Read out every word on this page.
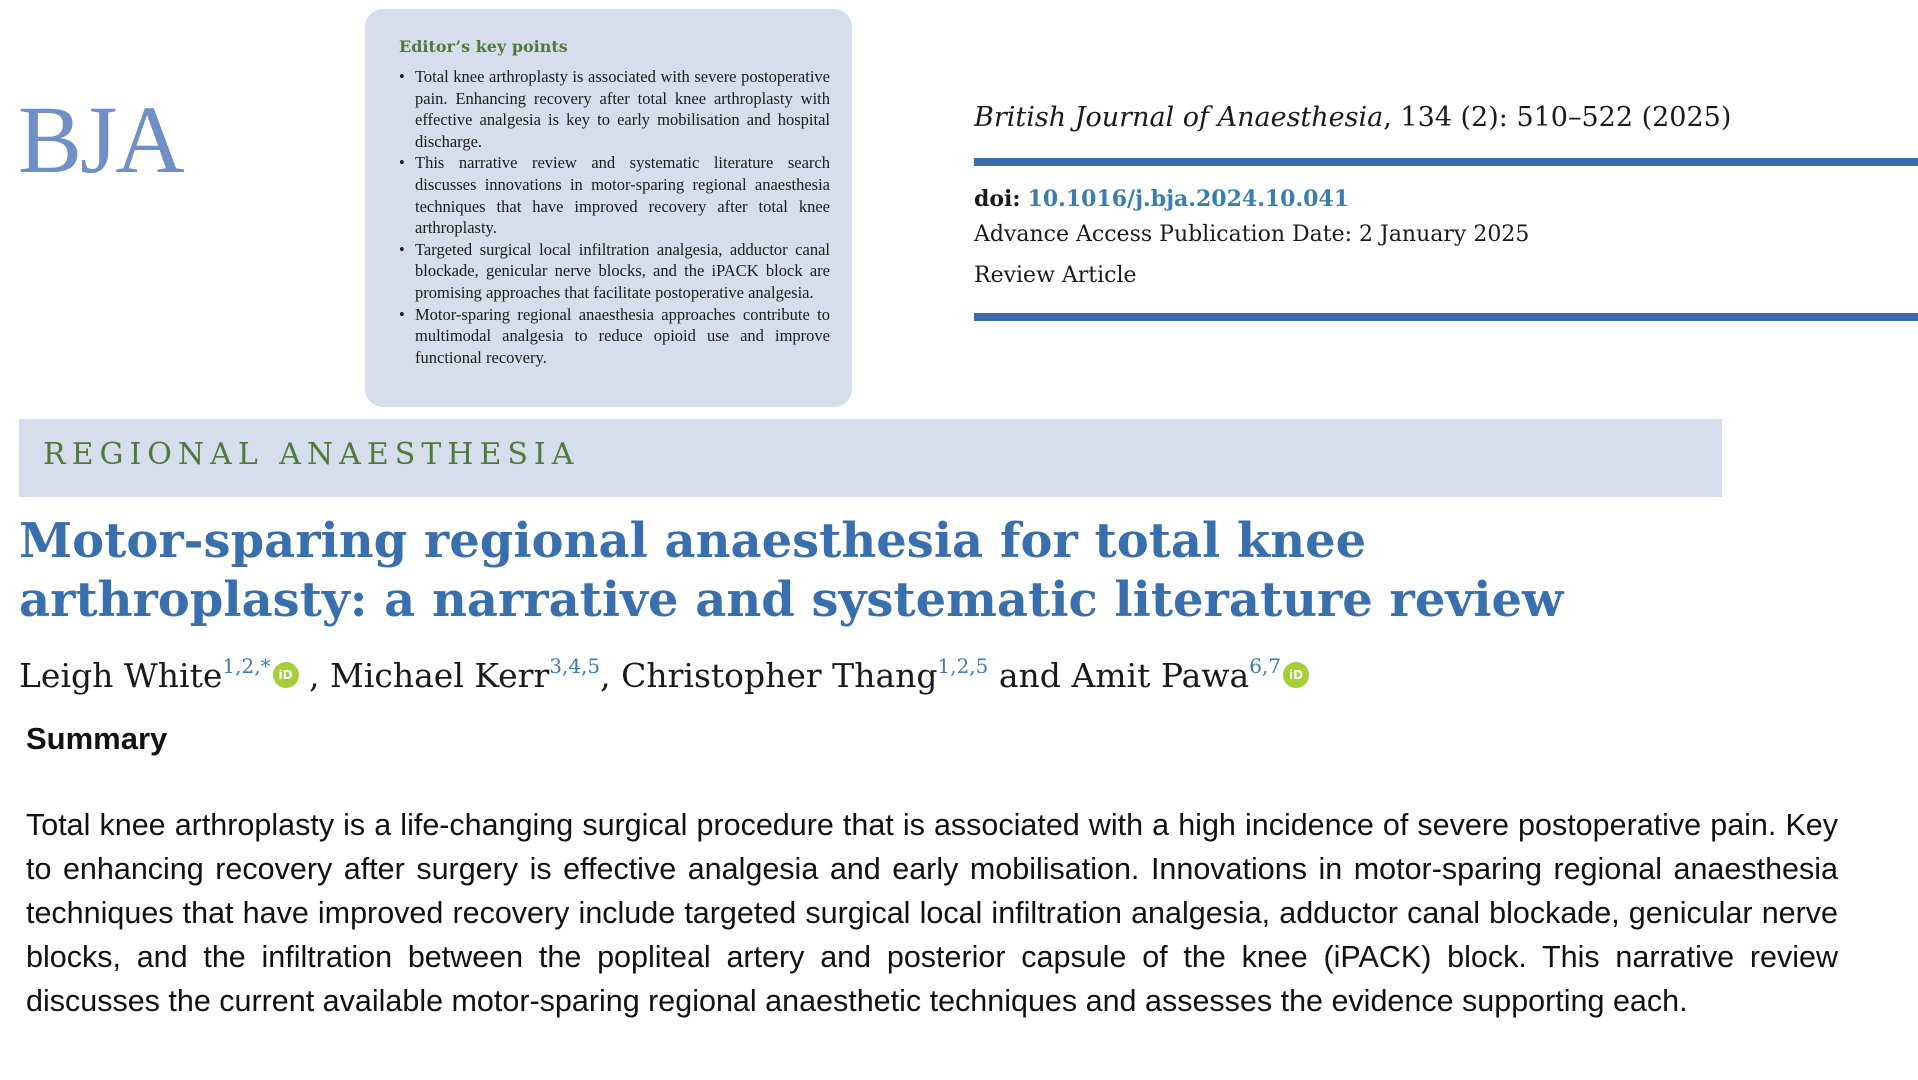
BJA
Editor’s key points
• Total knee arthroplasty is associated with severe postoperative pain. Enhancing recovery after total knee arthroplasty with effective analgesia is key to early mobilisation and hospital discharge.
• This narrative review and systematic literature search discusses innovations in motor-sparing regional anaesthesia techniques that have improved recovery after total knee arthroplasty.
• Targeted surgical local infiltration analgesia, adductor canal blockade, genicular nerve blocks, and the iPACK block are promising approaches that facilitate postoperative analgesia.
• Motor-sparing regional anaesthesia approaches contribute to multimodal analgesia to reduce opioid use and improve functional recovery.
British Journal of Anaesthesia, 134 (2): 510–522 (2025)
doi: 10.1016/j.bja.2024.10.041
Advance Access Publication Date: 2 January 2025
Review Article
REGIONAL ANAESTHESIA
Motor-sparing regional anaesthesia for total knee arthroplasty: a narrative and systematic literature review
Leigh White$^{1,2,*}$ iD , Michael Kerr$^{3,4,5}$, Christopher Thang$^{1,2,5}$ and Amit Pawa$^{6,7}$ iD
Summary

Total knee arthroplasty is a life-changing surgical procedure that is associated with a high incidence of severe postoperative pain. Key to enhancing recovery after surgery is effective analgesia and early mobilisation. Innovations in motor-sparing regional anaesthesia techniques that have improved recovery include targeted surgical local infiltration analgesia, adductor canal blockade, genicular nerve blocks, and the infiltration between the popliteal artery and posterior capsule of the knee (iPACK) block. This narrative review discusses the current available motor-sparing regional anaesthetic techniques and assesses the evidence supporting each.
